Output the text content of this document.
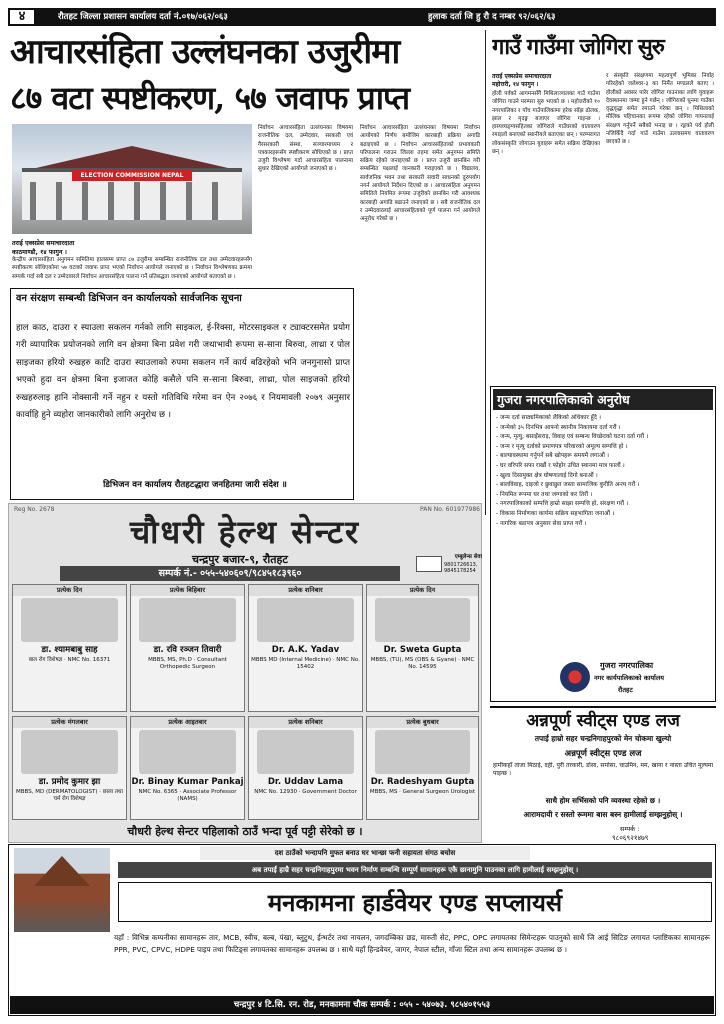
४	रौतहट जिल्ला प्रशासन कार्यालय दर्ता नं.०१७/०६२/०६३	हुलाक दर्ता जि हु रौ द नम्बर ९२/०६२/६३
आचारसंहिता उल्लंघनका उजुरीमा
८७ वटा स्पष्टीकरण, ५७ जवाफ प्राप्त
ELECTION COMMISSION NEPAL
तराई एक्सप्रेस समाचारदाता
काठमाण्डौ, १४ फागुन ।
केन्द्रीय आचारसंहिता अनुगमन समितिमा हालसम्म प्राप्त ८७ उजुरीमा सम्बन्धित राजनीतिक दल तथा उम्मेदवारहरूसँग स्पष्टीकरण सोधिएकोमा ५७ वटाको जवाफ प्राप्त भएको निर्वाचन आयोगले जनाएको छ । निर्वाचन विश्लेषणका क्रममा सम्पर्क गर्दा सबै दल र उम्मेदवारले निर्वाचन आचारसंहिता पालना गर्ने प्रतिबद्धता जनाएको आयोगले बताएको छ ।
निर्वाचन आचारसंहिता उल्लंघनका विषयमा राजनीतिक दल, उम्मेदवार, सरकारी एवं गैरसरकारी संस्था, सञ्चारमाध्यम र पत्रकारहरूसँग स्पष्टीकरण सोधिएको छ । प्राप्त उजुरी विश्लेषण गर्दा आचारसंहिता पालनामा सुधार देखिएको आयोगले जनाएको छ ।
निर्वाचन आचारसंहिता उल्लंघनका विषयमा निर्वाचन आयोगको निर्णय बमोजिम कारबाही प्रक्रिया अगाडि बढाइएको छ । निर्वाचन आचारसंहिताको प्रभावकारी परिपालना गराउन जिल्ला तहमा समेत अनुगमन समिति सक्रिय रहेको जनाइएको छ । प्राप्त उजुरी छानबिन गरी सम्बन्धित पक्षलाई जानकारी गराइएको छ । विद्यालय, सार्वजनिक भवन तथा सरकारी सवारी साधनको दुरुपयोग नगर्न आयोगले निर्देशन दिएको छ । आचारसंहिता अनुगमन समितिले नियमित रूपमा उजुरीको छानबिन गरी आवश्यक कारबाही अगाडि बढाउने जनाएको छ । सबै राजनीतिक दल र उम्मेदवारलाई आचारसंहिताको पूर्ण पालना गर्न आयोगले अनुरोध गरेको छ ।
वन संरक्षण सम्बन्धी डिभिजन वन कार्यालयको सार्वजनिक सूचना
हाल काठ, दाउरा र स्याउला सकलन गर्नको लागि साइकल, ई-रिक्सा, मोटरसाइकल र ट्याक्टरसमेत प्रयोग गरी व्यापारिक प्रयोजनको लागि वन क्षेत्रमा बिना प्रवेश गरी जथाभावी रूपमा स-साना बिरुवा, लाथ्रा र पोल साइजका हरियो रुखहरु काटि दाउरा स्याउलाको रुपमा सकलन गर्ने कार्य बढिरहेको भनि जनगुनासो प्राप्त भएको हुदा वन क्षेत्रमा बिना इजाजत कोहि कसैले पनि स-साना बिरुवा, लाथ्रा, पोल साइजको हरियो रुखहरुलाइ हानि नोक्सानी गर्ने नहुन र यस्तो गतिविधि गरेमा वन ऐन २०७६ र नियमावली २०७९ अनुसार कार्वाहि हुने व्यहोरा जानकारीको लागि अनुरोध छ ।
डिभिजन वन कार्यालय रौतहटद्धारा जनहितमा जारी संदेश ॥
गाउँ गाउँमा जोगिरा सुरु
तराई एक्सप्रेस समाचारदाता
महोत्तरी, १४ फागुन ।
होली पर्वको आगमनसँगै मिथिलाञ्चलका गाउँ गाउँमा जोगिरा गाउने परम्परा सुरु भएको छ । महोत्तरीको १० नगरपालिका र पाँच गाउँपालिकामा हरेक साँझ ढोलक, झाल र मृदङ्ग बजाएर जोगिरा गाइन्छ । हास्यव्यङ्ग्यसहितका जोगिराले गाउँघरको वातावरण रमाइलो बनाएको स्थानीयले बताएका छन् । परम्परागत लोकसंस्कृति जोगाउन युवाहरू समेत सक्रिय देखिएका छन् ।
र संस्कृति संरक्षणमा महत्वपूर्ण भूमिका निर्वाह गरिरहेको जलेश्वर-३ का निर्मेत मण्डलले बताए । होलीको अवसर पारेर जोगिरा गाउनाका लागि युवाहरू देवस्थानमा जम्मा हुने गर्छन् । जोगिराको धुनमा गाउँका वृद्धवृद्धा समेत रमाउने गरेका छन् । मिथिलाको मौलिक पहिचानका रूपमा रहेको जोगिरा गायनलाई संरक्षण गर्नुपर्ने सबैको भनाइ छ । रङ्गको पर्व होली नजिकिँदै गर्दा गाउँ गाउँमा उल्लासमय वातावरण छाएको छ ।
गुजरा नगरपालिकाको अनुरोध
- जन्म दर्ता साठ्यमिकाको लैकिको अधिकार हुँदै ।
- जन्मेको ३५ दिनभित्र आफ्नो स्थानीय निकायमा दर्ता गरौं ।
- जन्म, मृत्यु, बसाइँसराइ, विवाह एवं सम्बन्ध विच्छेदको घटना दर्ता गरौं ।
- जन्म र मृत्यु दर्ताको प्रमाणपत्र परिवारको अमूल्य सम्पत्ति हो ।
- बाल्यावस्थामा गर्नुपर्ने सबै खोपहरू समयमै लगाऔं ।
- घर वरिपरि सफा राखौं र फोहोर उचित स्थानमा मात्र फालौं ।
- खुला दिसामुक्त क्षेत्र घोषणालाई दिगो बनाऔं ।
- बालविवाह, दाइजो र छुवाछुत जस्ता सामाजिक कुरीति अन्त्य गरौं ।
- नियमित रूपमा घर तथा जग्गाको कर तिरौं ।
- नगरपालिकाको सम्पत्ति हाम्रो साझा सम्पत्ति हो, संरक्षण गरौं ।
- विकास निर्माणका कार्यमा सक्रिय सहभागिता जनाऔं ।
- नागरिक बडापत्र अनुसार सेवा प्राप्त गरौं ।
गुजरा नगरपालिका
नगर कार्यपालिकाको कार्यालय
रौतहट
Reg No. 2678	PAN No. 601977986
चौधरी हेल्थ सेन्टर
चन्द्रपुर बजार-९, रौतहट
सम्पर्क नं.- ०५५-५४०६०९/९८४५१८३९६०
एम्बुलेन्स सेवा
9801726613, 9845178254
प्रत्येक दिन
डा. श्यामबाबु साह
बाल रोग विशेषज्ञ · NMC No. 16371
प्रत्येक बिहिबार
डा. रवि रञ्जन तिवारी
MBBS, MS, Ph.D · Consultant Orthopedic Surgeon
प्रत्येक शनिबार
Dr. A.K. Yadav
MBBS MD (Internal Medicine) · NMC No. 15402
प्रत्येक दिन
Dr. Sweta Gupta
MBBS, (TU), MS (OBS & Gyane) · NMC No. 14595
प्रत्येक मंगलबार
डा. प्रमोद कुमार झा
MBBS, MD (DERMATOLOGIST) · छाला तथा चर्म रोग विशेषज्ञ
प्रत्येक आइतबार
Dr. Binay Kumar Pankaj
NMC No. 6365 · Associate Professor (NAMS)
प्रत्येक शनिबार
Dr. Uddav Lama
NMC No. 12930 · Government Doctor
प्रत्येक बुधबार
Dr. Radeshyam Gupta
MBBS, MS · General Surgeon Urologist
चौधरी हेल्थ सेन्टर पहिलाको ठाउँ भन्दा पूर्व पट्टी सेरेको छ ।
अन्नपूर्ण स्वीट्स एण्ड लज
तपाईं हाम्रो सहर चन्द्रनिगाहपुरको मेन चोकमा खुल्यो
अन्नपूर्ण स्वीट्स एण्ड लज
हामीकहाँ ताजा मिठाई, दही, पुरी तरकारी, डोसा, समोसा, चाउमिन, मम, खाना र नास्ता उचित मूल्यमा पाइन्छ ।
साथै होम सर्भिसको पनि व्यवस्था रहेको छ ।
आरामदायी र सस्तो रूममा बास बस्न हामीलाई सम्झनुहोस् ।
सम्पर्क :
९८०६९२१४७९
दश ठाउँको भन्दापनि मुफत बनाउ घर भान्छा फनी सहायता संगठ बचोस
अब तपाईं हाम्रै सहर चन्द्रनिगाहपुरमा भवन निर्माण सम्बन्धि सम्पूर्ण सामानहरू एकै छानामुनि पाउनका लागि हामीलाई सम्झनुहोस् ।
मनकामना हार्डवेयर एण्ड सप्लायर्स
यहाँ : विभिन्न कम्पनीका सामानहरू तार, MCB, स्वीच, बल्ब, पंखा, ब्लुटुथ, ईन्भर्टर तथा नायलन, जगदम्बिका छड, मारुती सेट, PPC, OPC लगायतका सिमेन्टहरू पाउनुको साथै जि आई सिटिङ लगायत प्लाष्टिकका सामानहरू PPR, PVC, CPVC, HDPE पाइप तथा फिटिङ्स लगायतका सामानहरू उपलब्ध छ । साथै यहाँ हिन्डवेयर, जागर, नेपाल स्टील, गाँजा स्टिल तथा अन्य सामानहरू उपलब्ध छ ।
चन्द्रपुर ४ टि.सि. रन. रोड, मनकामना चौक सम्पर्क : ०५५ - ५४०७३. ९८५४०१५५३
